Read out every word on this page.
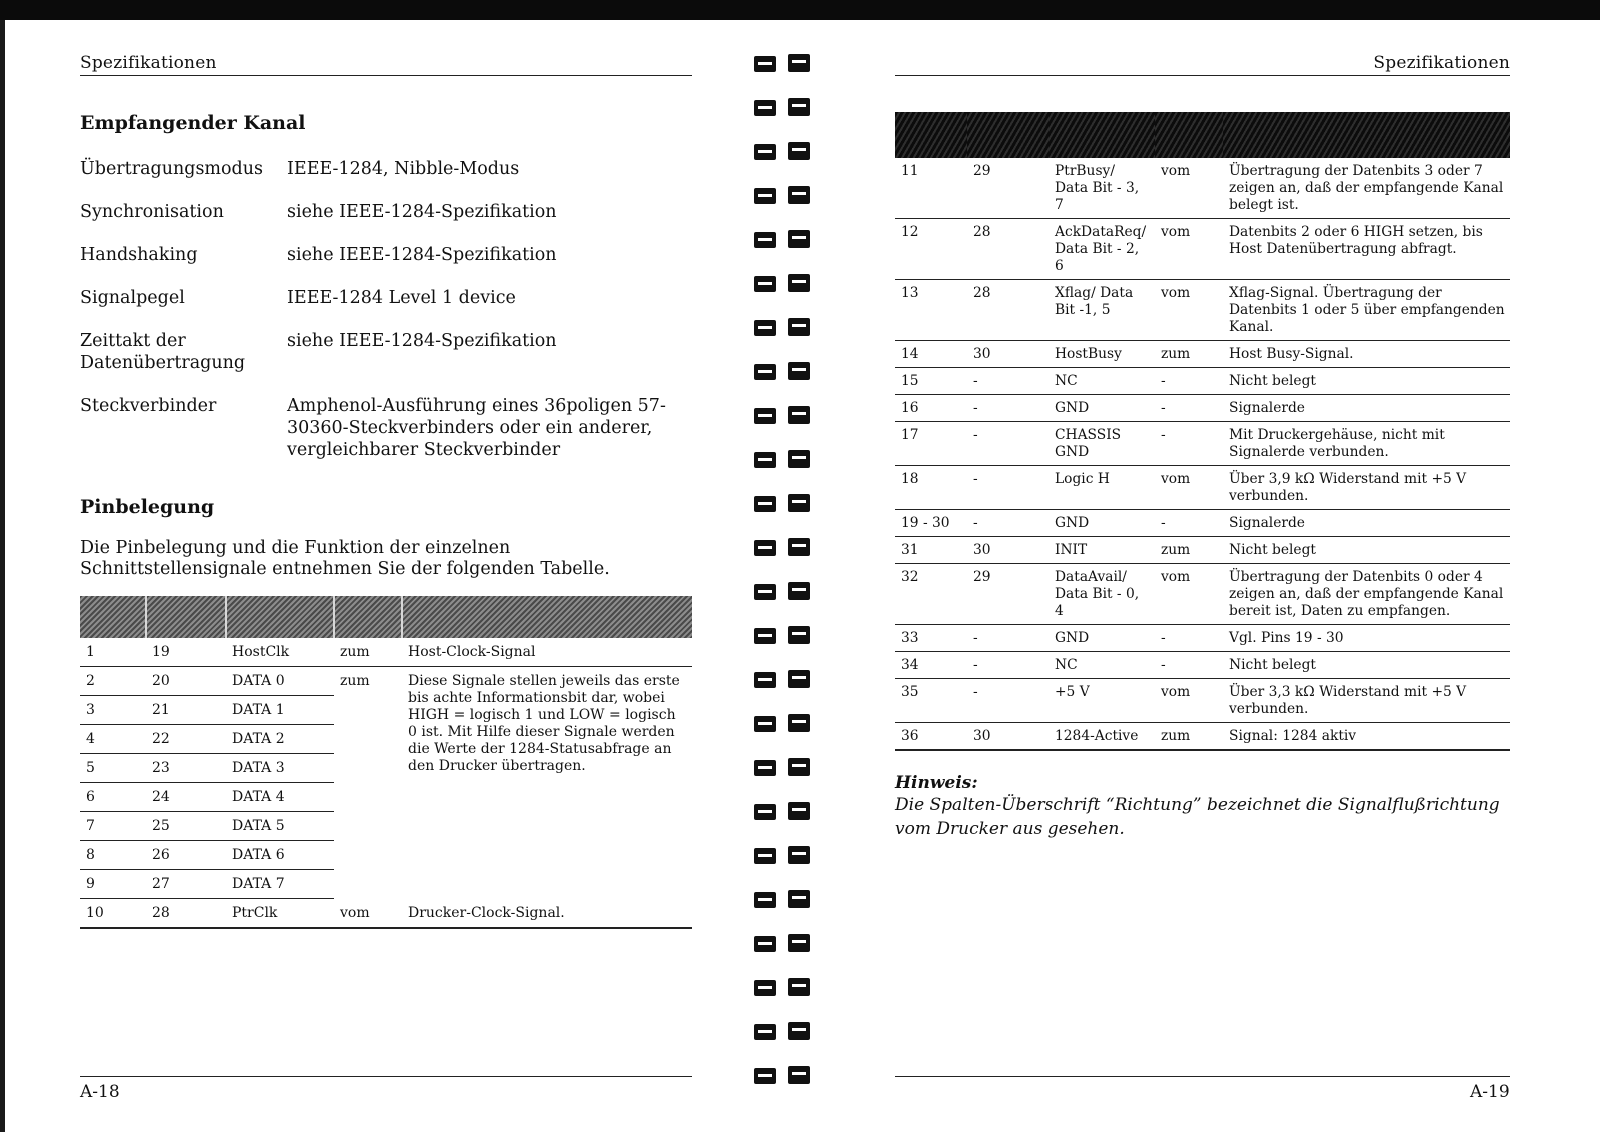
Spezifikationen
Empfangender Kanal
Übertragungsmodus	IEEE-1284, Nibble-Modus
Synchronisation	siehe IEEE-1284-Spezifikation
Handshaking	siehe IEEE-1284-Spezifikation
Signalpegel	IEEE-1284 Level 1 device
Zeittakt der Datenübertragung	siehe IEEE-1284-Spezifikation
Steckverbinder	Amphenol-Ausführung eines 36poligen 57-30360-Steckverbinders oder ein anderer, vergleichbarer Steckverbinder
Pinbelegung

Die Pinbelegung und die Funktion der einzelnen Schnittstellensignale entnehmen Sie der folgenden Tabelle.

1	19	HostClk	zum	Host-Clock-Signal
2	20	DATA 0	zum	Diese Signale stellen jeweils das erste bis achte Informationsbit dar, wobei HIGH = logisch 1 und LOW = logisch 0 ist. Mit Hilfe dieser Signale werden die Werte der 1284-Statusabfrage an den Drucker übertragen.
3	21	DATA 1		
4	22	DATA 2		
5	23	DATA 3		
6	24	DATA 4		
7	25	DATA 5		
8	26	DATA 6		
9	27	DATA 7		
10	28	PtrClk	vom	Drucker-Clock-Signal.
A-18
Spezifikationen

11	29	PtrBusy/ Data Bit - 3, 7	vom	Übertragung der Datenbits 3 oder 7 zeigen an, daß der empfangende Kanal belegt ist.
12	28	AckDataReq/ Data Bit - 2, 6	vom	Datenbits 2 oder 6 HIGH setzen, bis Host Datenübertragung abfragt.
13	28	Xflag/ Data Bit -1, 5	vom	Xflag-Signal. Übertragung der Datenbits 1 oder 5 über empfangenden Kanal.
14	30	HostBusy	zum	Host Busy-Signal.
15	-	NC	-	Nicht belegt
16	-	GND	-	Signalerde
17	-	CHASSIS GND	-	Mit Druckergehäuse, nicht mit Signalerde verbunden.
18	-	Logic H	vom	Über 3,9 kΩ Widerstand mit +5 V verbunden.
19 - 30	-	GND	-	Signalerde
31	30	INIT	zum	Nicht belegt
32	29	DataAvail/ Data Bit - 0, 4	vom	Übertragung der Datenbits 0 oder 4 zeigen an, daß der empfangende Kanal bereit ist, Daten zu empfangen.
33	-	GND	-	Vgl. Pins 19 - 30
34	-	NC	-	Nicht belegt
35	-	+5 V	vom	Über 3,3 kΩ Widerstand mit +5 V verbunden.
36	30	1284-Active	zum	Signal: 1284 aktiv

Hinweis:

Die Spalten-Überschrift “Richtung” bezeichnet die Signalflußrichtung vom Drucker aus gesehen.

A-19
